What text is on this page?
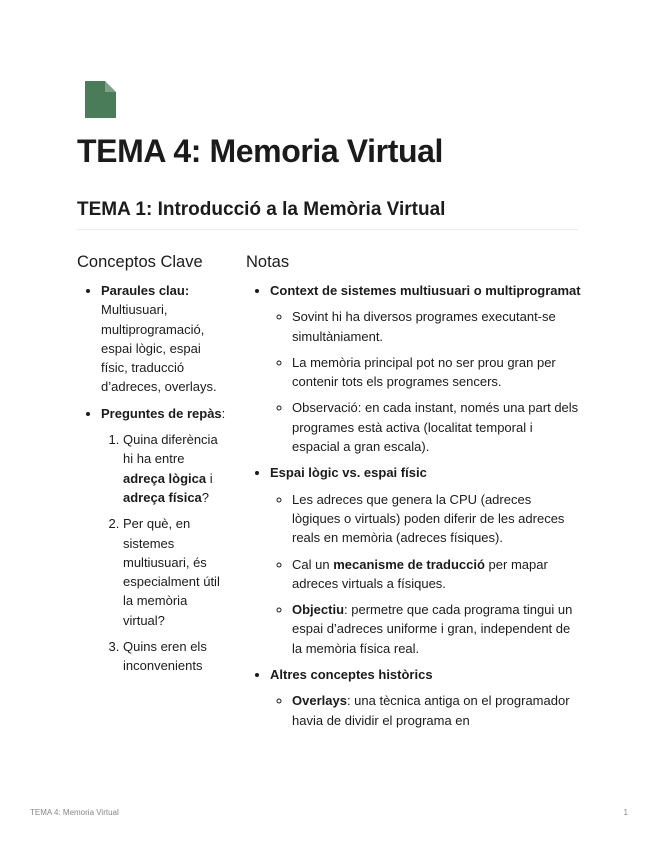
TEMA 4: Memoria Virtual
TEMA 1: Introducció a la Memòria Virtual
Conceptos Clave	Notas
• Paraules clau: Multiusuari, multiprogramació, espai lògic, espai físic, traducció d’adreces, overlays.
• Preguntes de repàs:
1. Quina diferència hi ha entre adreça lògica i adreça física?
2. Per què, en sistemes multiusuari, és especialment útil la memòria virtual?
3. Quins eren els inconvenients
• Context de sistemes multiusuari o multiprogramat
◦ Sovint hi ha diversos programes executant-se simultàniament.
◦ La memòria principal pot no ser prou gran per contenir tots els programes sencers.
◦ Observació: en cada instant, només una part dels programes està activa (localitat temporal i espacial a gran escala).
• Espai lògic vs. espai físic
◦ Les adreces que genera la CPU (adreces lògiques o virtuals) poden diferir de les adreces reals en memòria (adreces físiques).
◦ Cal un mecanisme de traducció per mapar adreces virtuals a físiques.
◦ Objectiu: permetre que cada programa tingui un espai d’adreces uniforme i gran, independent de la memòria física real.
• Altres conceptes històrics
◦ Overlays: una tècnica antiga on el programador havia de dividir el programa en
TEMA 4: Memoria Virtual	1
